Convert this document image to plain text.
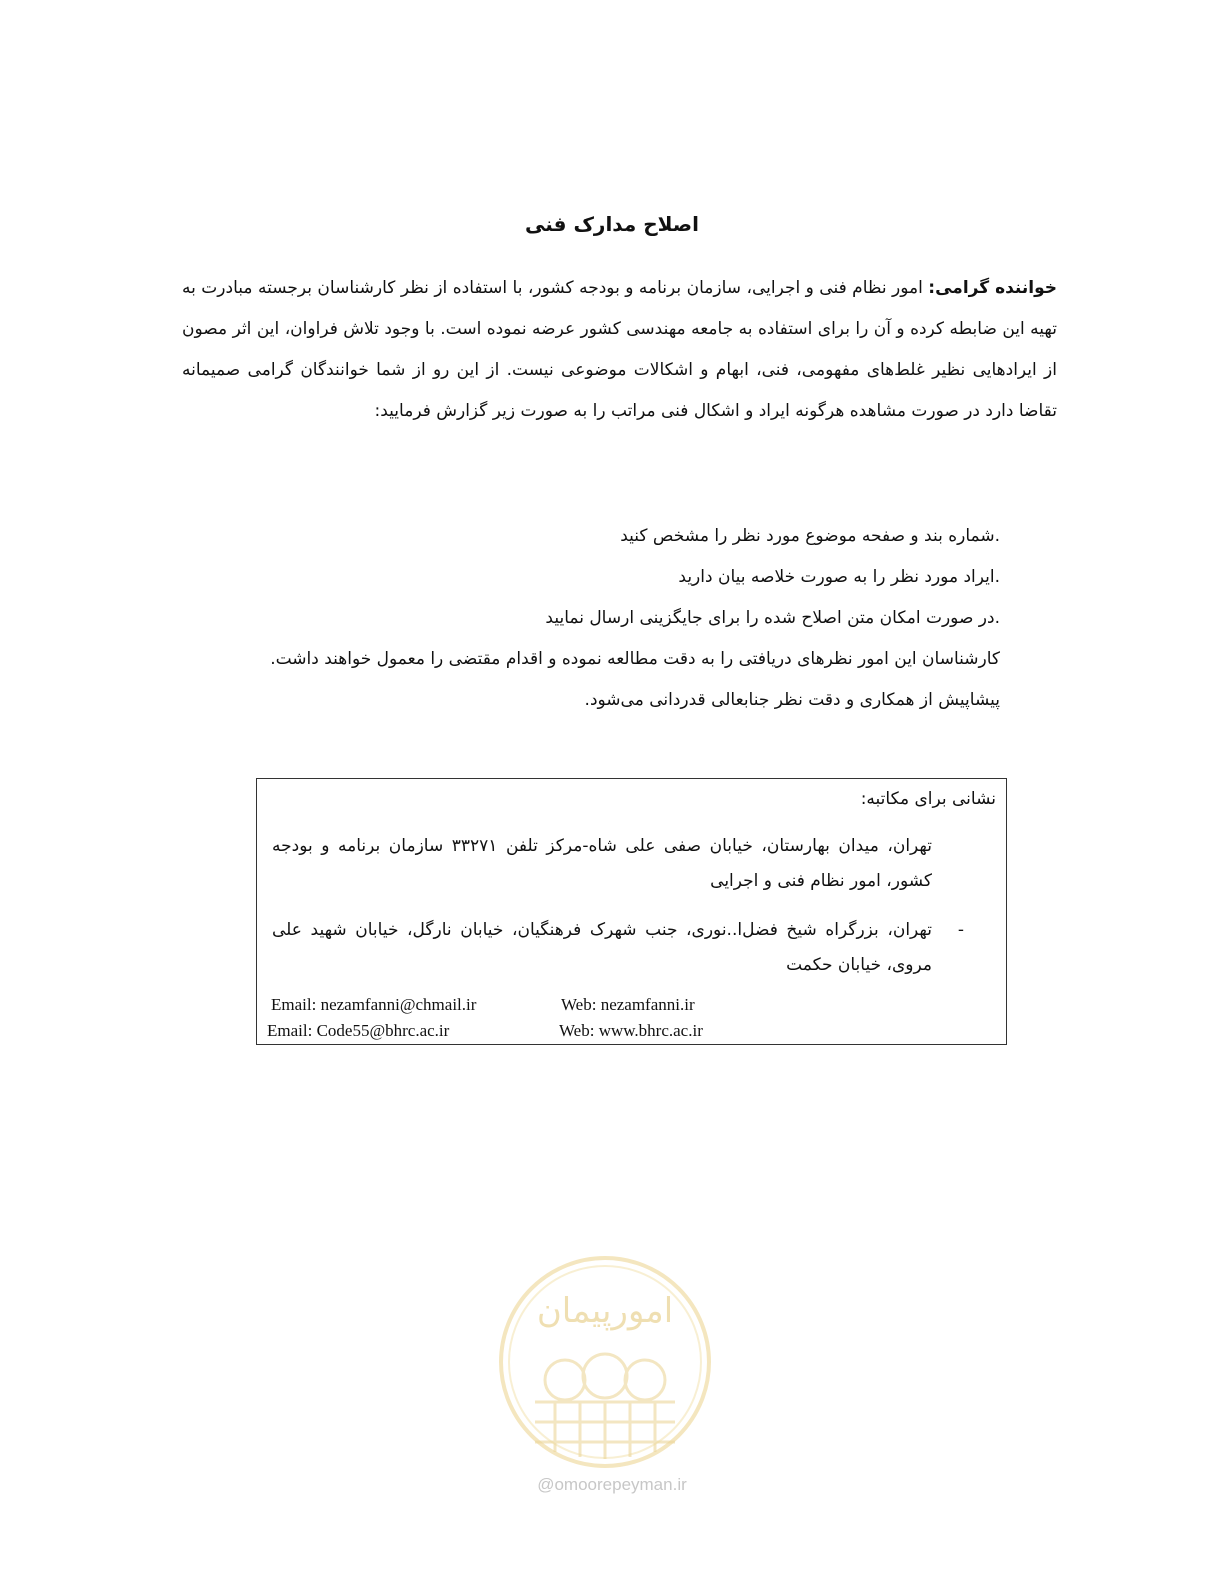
اصلاح مدارک فنی
خواننده گرامی: امور نظام فنی و اجرایی، سازمان برنامه و بودجه کشور، با استفاده از نظر کارشناسان برجسته مبادرت به تهیه این ضابطه کرده و آن را برای استفاده به جامعه مهندسی کشور عرضه نموده است. با وجود تلاش فراوان، این اثر مصون از ایرادهایی نظیر غلط‌های مفهومی، فنی، ابهام و اشکالات موضوعی نیست. از این رو از شما خوانندگان گرامی صمیمانه تقاضا دارد در صورت مشاهده هرگونه ایراد و اشکال فنی مراتب را به صورت زیر گزارش فرمایید:
.شماره بند و صفحه موضوع مورد نظر را مشخص کنید
.ایراد مورد نظر را به صورت خلاصه بیان دارید
.در صورت امکان متن اصلاح شده را برای جایگزینی ارسال نمایید
کارشناسان این امور نظرهای دریافتی را به دقت مطالعه نموده و اقدام مقتضی را معمول خواهند داشت.
پیشاپیش از همکاری و دقت نظر جنابعالی قدردانی می‌شود.
نشانی برای مکاتبه:
تهران، میدان بهارستان، خیابان صفی علی شاه-مرکز تلفن ۳۳۲۷۱ سازمان برنامه و بودجه کشور، امور نظام فنی و اجرایی
-
تهران، بزرگراه شیخ فضل‌ا..نوری، جنب شهرک فرهنگیان، خیابان نارگل، خیابان شهید علی مروی، خیابان حکمت
Email: nezamfanni@chmail.ir	Web: nezamfanni.ir
Email: Code55@bhrc.ac.ir	Web: www.bhrc.ac.ir
امورپیمان
@omoorepeyman.ir
